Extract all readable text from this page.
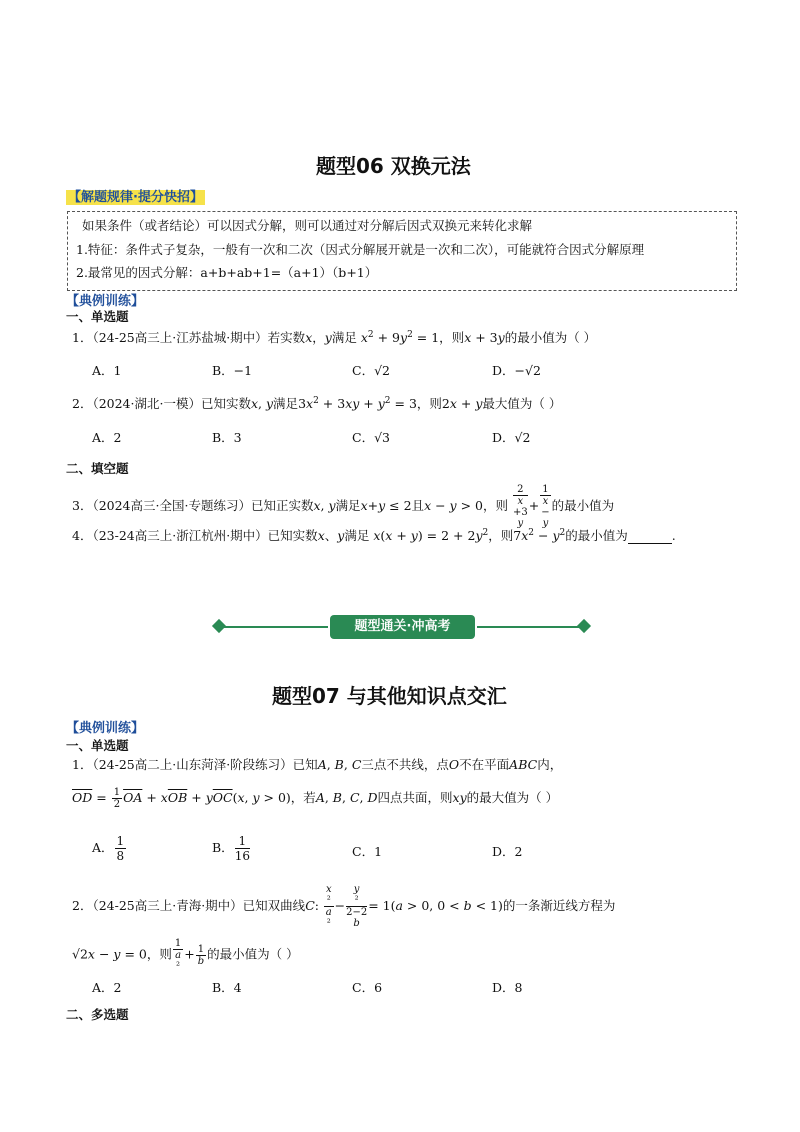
题型06 双换元法
【解题规律·提分快招】
如果条件（或者结论）可以因式分解，则可以通过对分解后因式双换元来转化求解
1.特征：条件式子复杂，一般有一次和二次（因式分解展开就是一次和二次），可能就符合因式分解原理
2.最常见的因式分解：a+b+ab+1=（a+1）（b+1）
【典例训练】
一、单选题
1．（24-25高三上·江苏盐城·期中）若实数x，y满足 $x^2 + 9y^2 = 1$，则x + 3y的最小值为（ ）
A．1	B．−1	C．√2	D．−√2
2．（2024·湖北·一模）已知实数x, y满足$3x^2 + 3xy + y^2 = 3$，则2x + y最大值为（ ）
A．2	B．3	C．√3	D．√2
二、填空题
3．（2024高三·全国·专题练习）已知正实数x, y满足x+y ≤ 2且x − y > 0，则 2
x
+3
y + 1
x
−
y 的最小值为
4．（23-24高三上·浙江杭州·期中）已知实数x、y满足 $x(x + y) = 2 + 2y^2$，则$7x^2 - y^2$的最小值为	.
题型通关·冲高考
题型07 与其他知识点交汇
【典例训练】
一、单选题
1．（24-25高二上·山东菏泽·阶段练习）已知A, B, C三点不共线，点O不在平面ABC内，
$\overline{OD} = \frac{1}{2} \overline{OA} + x\overline{OB} + y\overline{OC}(x$, y > 0)，若A, B, C, D四点共面，则xy的最大值为（ ）
A． $\frac{1}{8}$	B． $\frac{1}{16}$	C．1	D．2
2．（24-25高三上·青海·期中）已知双曲线C: x
²
a
² − y
²
2−2
b = 1(a > 0, 0 < b < 1)的一条渐近线方程为
√2x − y = 0，则 1
a
$^2 + \frac{1}{b}$ 的最小值为（ ）
A．2	B．4	C．6	D．8
二、多选题
